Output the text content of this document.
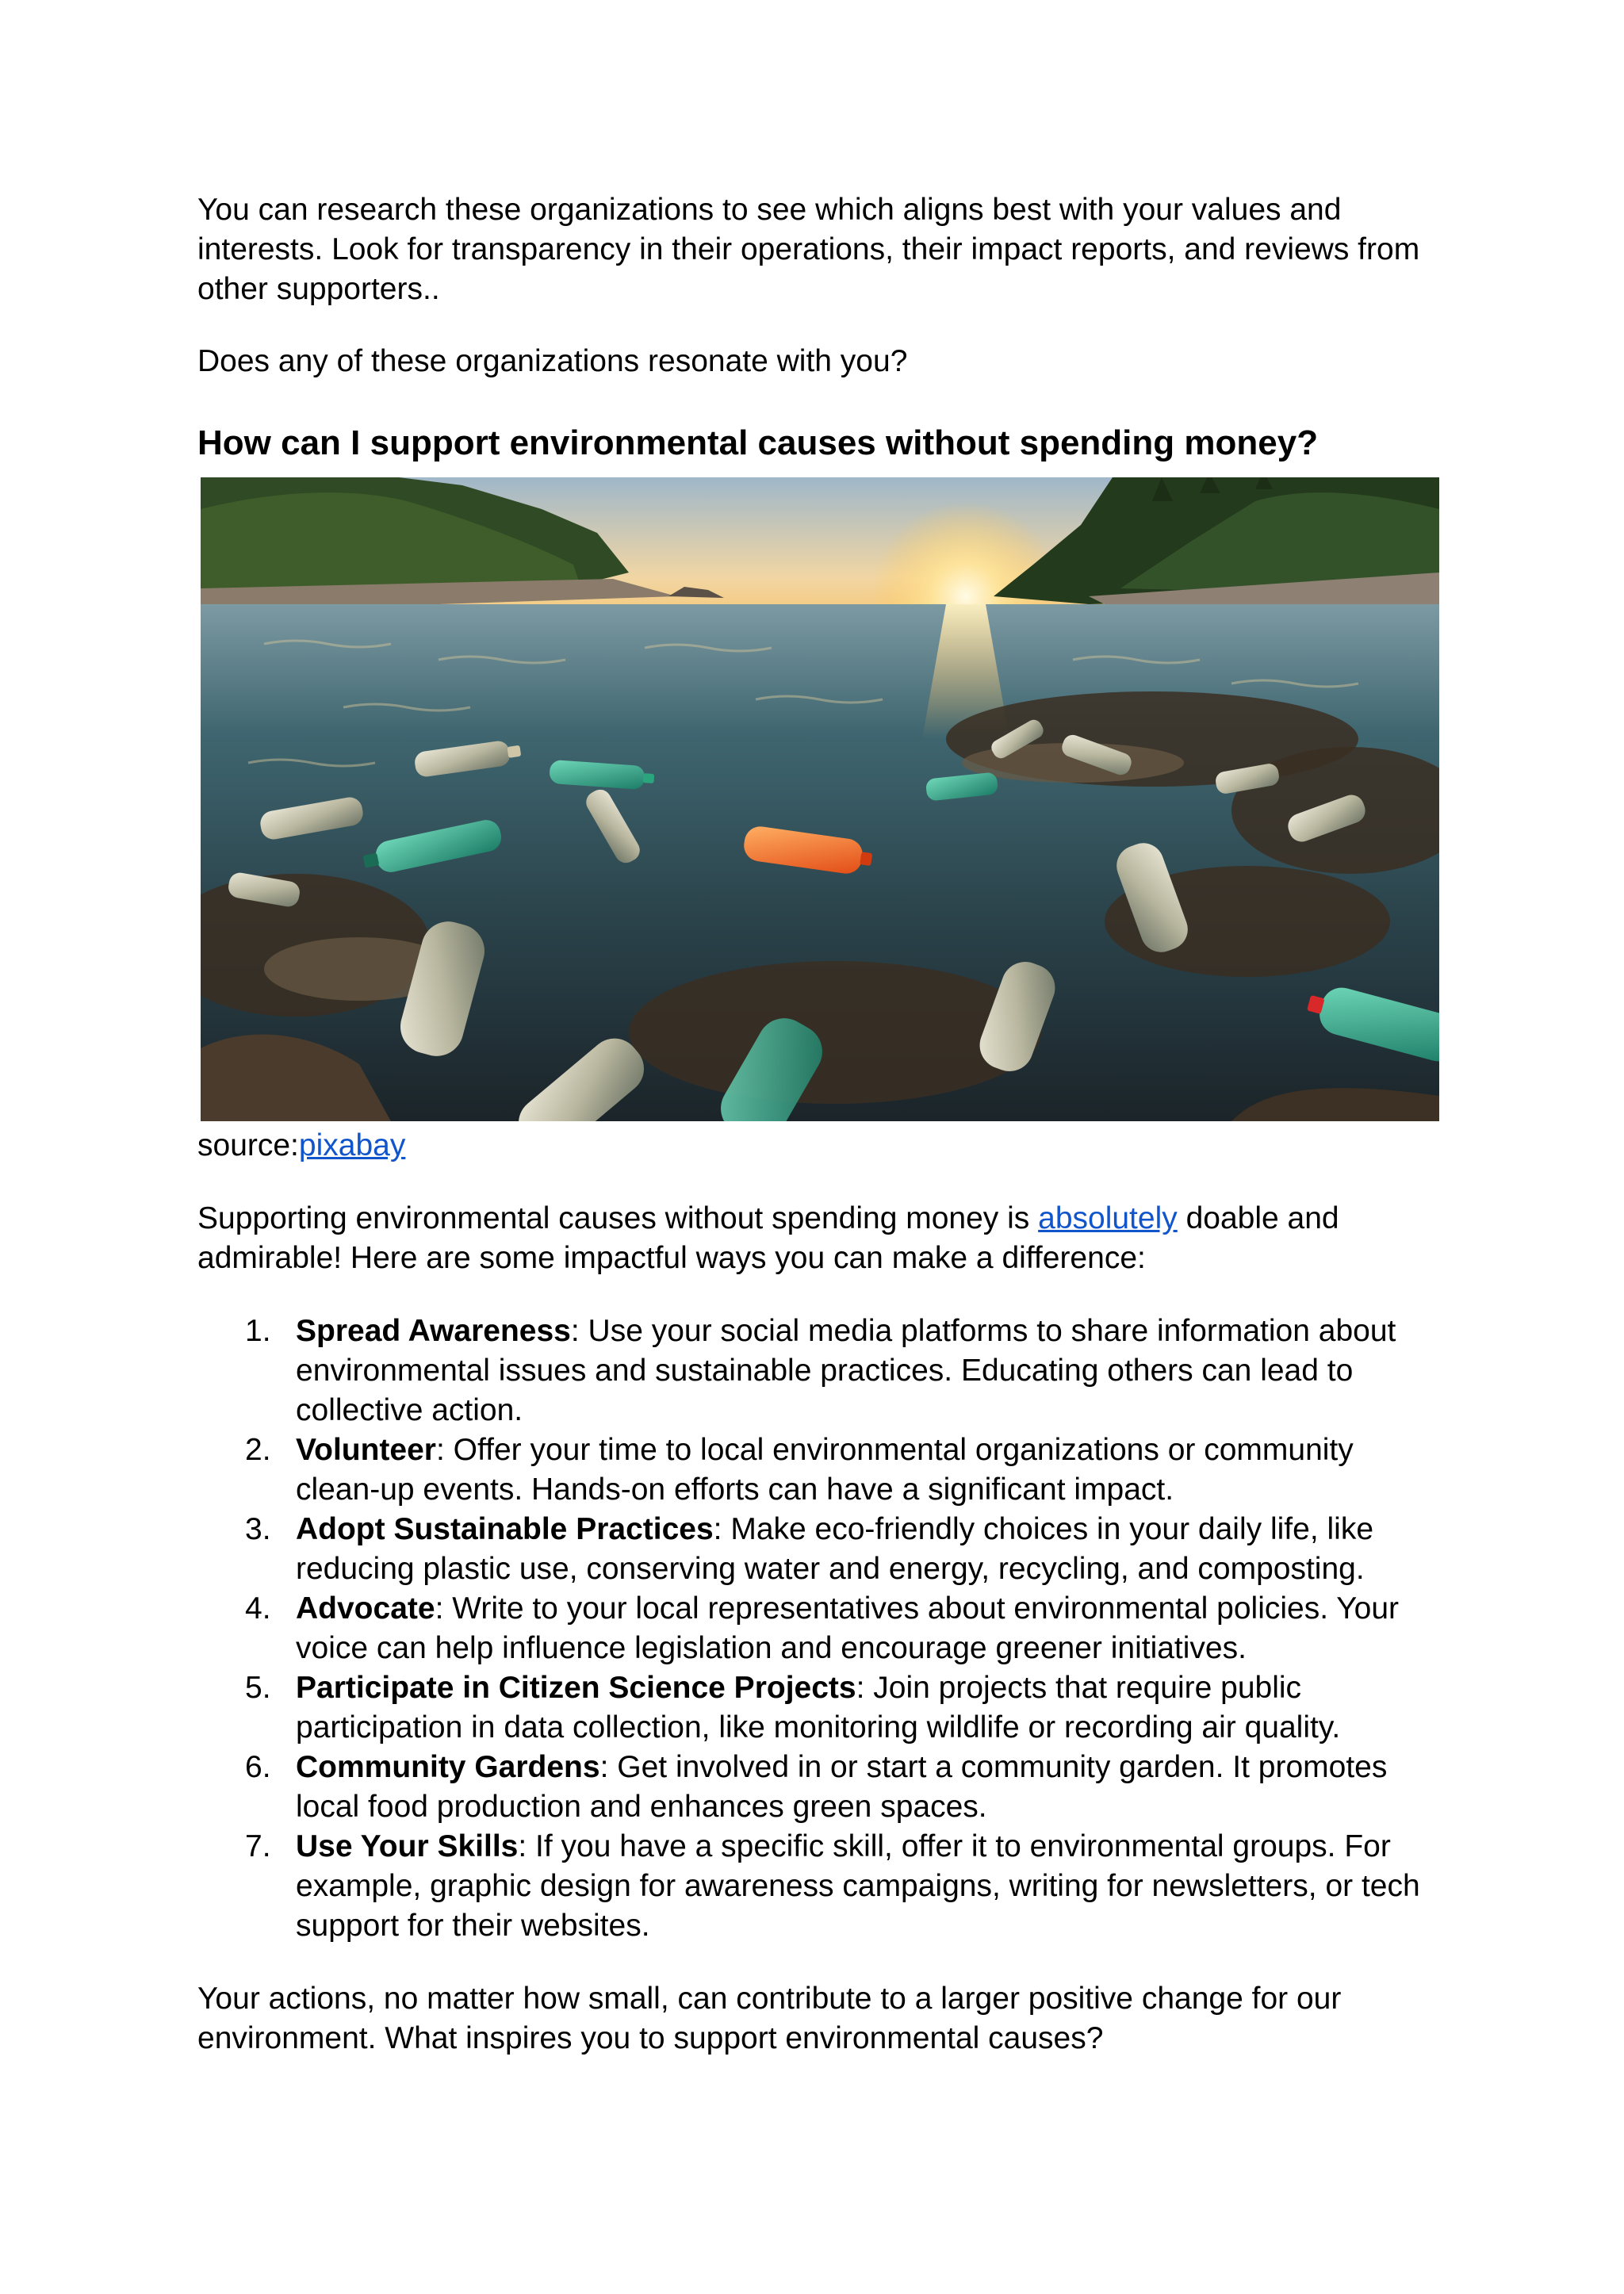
You can research these organizations to see which aligns best with your values and interests. Look for transparency in their operations, their impact reports, and reviews from other supporters..

Does any of these organizations resonate with you?

How can I support environmental causes without spending money?

source:pixabay

Supporting environmental causes without spending money is absolutely doable and admirable! Here are some impactful ways you can make a difference:

1. Spread Awareness: Use your social media platforms to share information about environmental issues and sustainable practices. Educating others can lead to collective action.
2. Volunteer: Offer your time to local environmental organizations or community clean-up events. Hands-on efforts can have a significant impact.
3. Adopt Sustainable Practices: Make eco-friendly choices in your daily life, like reducing plastic use, conserving water and energy, recycling, and composting.
4. Advocate: Write to your local representatives about environmental policies. Your voice can help influence legislation and encourage greener initiatives.
5. Participate in Citizen Science Projects: Join projects that require public participation in data collection, like monitoring wildlife or recording air quality.
6. Community Gardens: Get involved in or start a community garden. It promotes local food production and enhances green spaces.
7. Use Your Skills: If you have a specific skill, offer it to environmental groups. For example, graphic design for awareness campaigns, writing for newsletters, or tech support for their websites.

Your actions, no matter how small, can contribute to a larger positive change for our environment. What inspires you to support environmental causes?
